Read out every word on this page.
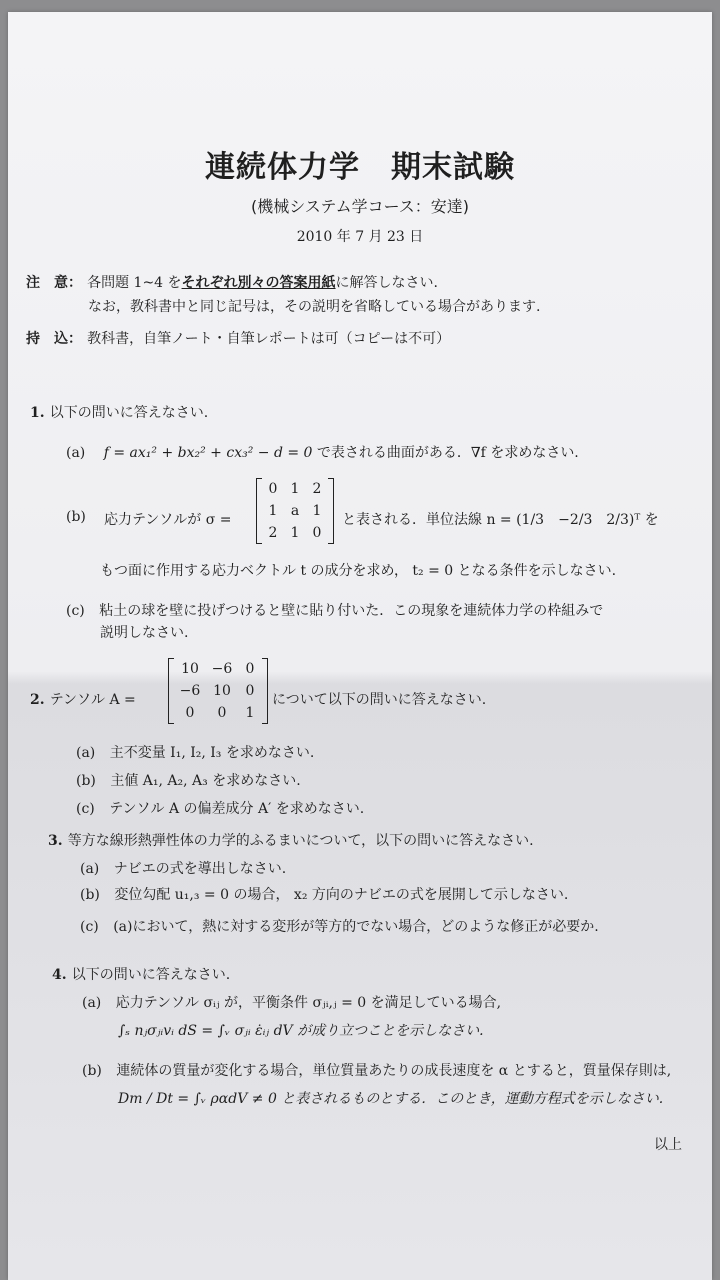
連続体力学　期末試験
(機械システム学コース：安達)
2010 年 7 月 23 日
注　意： 各問題 1~4 をそれぞれ別々の答案用紙に解答しなさい.
なお，教科書中と同じ記号は，その説明を省略している場合があります.
持　込： 教科書，自筆ノート・自筆レポートは可（コピーは不可）
1. 以下の問いに答えなさい.
(a) f = ax₁² + bx₂² + cx₃² − d = 0 で表される曲面がある．∇f を求めなさい.
(b) 応力テンソルが σ =
0 1 2
1 a 1
2 1 0
と表される．単位法線 n = (1/3　−2/3　2/3)ᵀ を
もつ面に作用する応力ベクトル t の成分を求め， t₂ = 0 となる条件を示しなさい.
(c) 粘土の球を壁に投げつけると壁に貼り付いた．この現象を連続体力学の枠組みで
説明しなさい.
2. テンソル A =
10 −6 0
−6 10	0
0	0	1
について以下の問いに答えなさい.
(a) 主不変量 I₁, I₂, I₃ を求めなさい.
(b) 主値 A₁, A₂, A₃ を求めなさい.
(c) テンソル A の偏差成分 A′ を求めなさい.
3. 等方な線形熱弾性体の力学的ふるまいについて，以下の問いに答えなさい.
(a) ナビエの式を導出しなさい.
(b) 変位勾配 u₁,₃ = 0 の場合， x₂ 方向のナビエの式を展開して示しなさい.
(c) (a)において，熱に対する変形が等方的でない場合，どのような修正が必要か.
4. 以下の問いに答えなさい.
(a) 応力テンソル σᵢⱼ が，平衡条件 σⱼᵢ,ⱼ = 0 を満足している場合,
∫ₛ nⱼσⱼᵢvᵢ dS = ∫ᵥ σⱼᵢ ε̇ᵢⱼ dV が成り立つことを示しなさい.
(b) 連続体の質量が変化する場合，単位質量あたりの成長速度を α とすると，質量保存則は,
Dm / Dt = ∫ᵥ ραdV ≠ 0 と表されるものとする．このとき，運動方程式を示しなさい.
以上
